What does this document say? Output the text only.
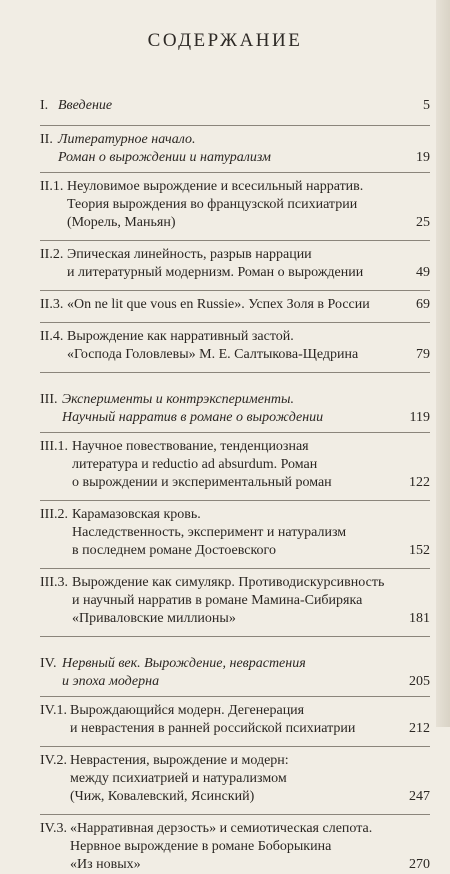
СОДЕРЖАНИЕ
I. Введение	5
II. Литературное начало.
Роман о вырождении и натурализм	19
II.1. Неуловимое вырождение и всесильный нарратив.
Теория вырождения во французской психиатрии
(Морель, Маньян)	25
II.2. Эпическая линейность, разрыв наррации
и литературный модернизм. Роман о вырождении	49
II.3. «On ne lit que vous en Russie». Успех Золя в России	69
II.4. Вырождение как нарративный застой.
«Господа Головлевы» М. Е. Салтыкова-Щедрина	79
III. Эксперименты и контрэксперименты.
Научный нарратив в романе о вырождении	119
III.1. Научное повествование, тенденциозная
литература и reductio ad absurdum. Роман
о вырождении и экспериментальный роман	122
III.2. Карамазовская кровь.
Наследственность, эксперимент и натурализм
в последнем романе Достоевского	152
III.3. Вырождение как симулякр. Противодискурсивность
и научный нарратив в романе Мамина-Сибиряка
«Приваловские миллионы»	181
IV. Нервный век. Вырождение, неврастения
и эпоха модерна	205
IV.1. Вырождающийся модерн. Дегенерация
и неврастения в ранней российской психиатрии	212
IV.2. Неврастения, вырождение и модерн:
между психиатрией и натурализмом
(Чиж, Ковалевский, Ясинский)	247
IV.3. «Нарративная дерзость» и семиотическая слепота.
Нервное вырождение в романе Боборыкина
«Из новых»	270
